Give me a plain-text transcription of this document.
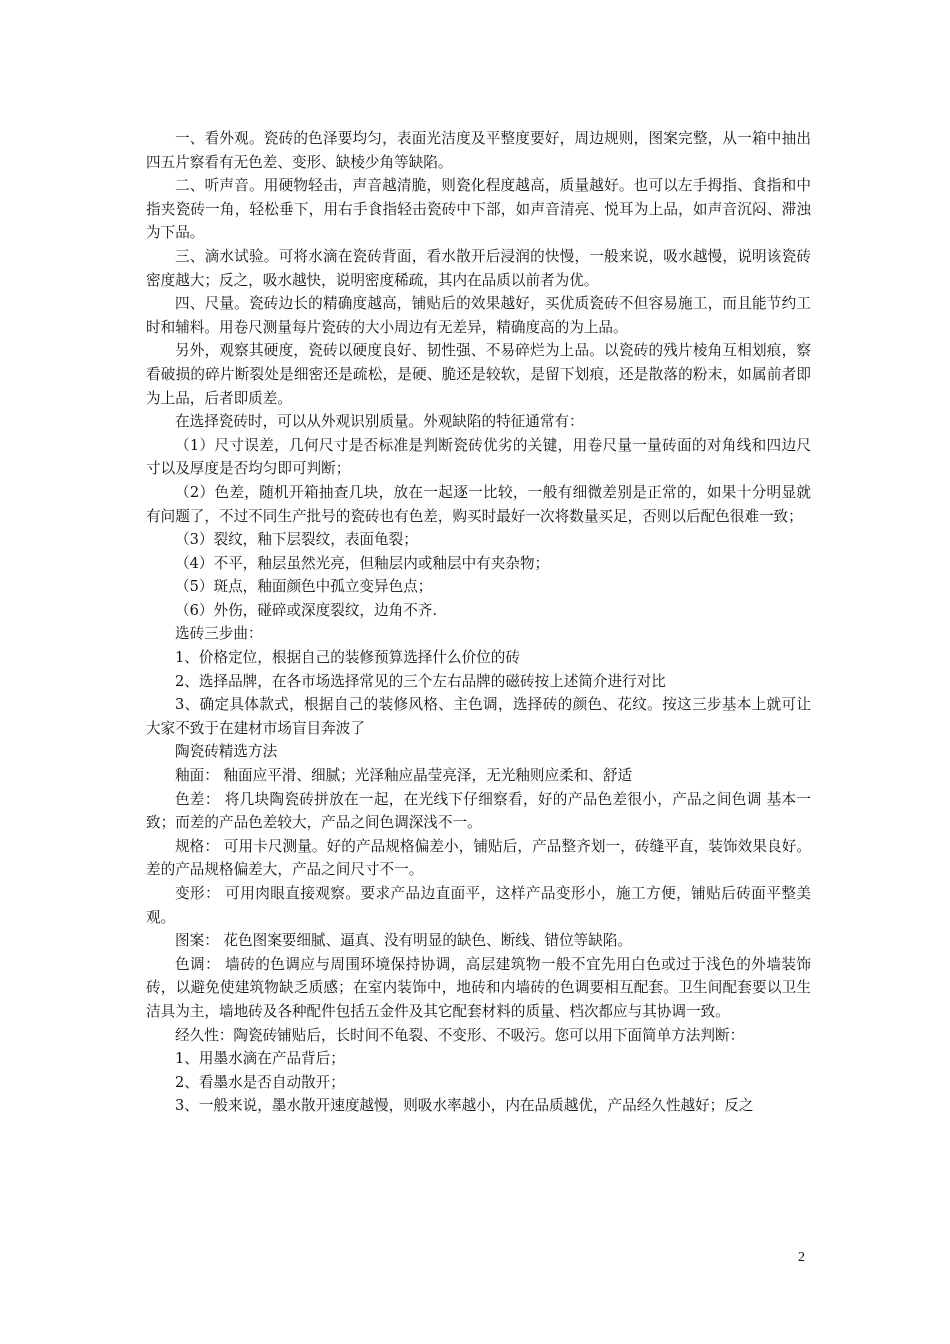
一、看外观。瓷砖的色泽要均匀，表面光洁度及平整度要好，周边规则，图案完整，从一箱中抽出四五片察看有无色差、变形、缺棱少角等缺陷。

二、听声音。用硬物轻击，声音越清脆，则瓷化程度越高，质量越好。也可以左手拇指、食指和中指夹瓷砖一角，轻松垂下，用右手食指轻击瓷砖中下部，如声音清亮、悦耳为上品，如声音沉闷、滞浊为下品。

三、滴水试验。可将水滴在瓷砖背面，看水散开后浸润的快慢，一般来说，吸水越慢，说明该瓷砖密度越大；反之，吸水越快，说明密度稀疏，其内在品质以前者为优。

四、尺量。瓷砖边长的精确度越高，铺贴后的效果越好，买优质瓷砖不但容易施工，而且能节约工时和辅料。用卷尺测量每片瓷砖的大小周边有无差异，精确度高的为上品。

另外，观察其硬度，瓷砖以硬度良好、韧性强、不易碎烂为上品。以瓷砖的残片棱角互相划痕，察看破损的碎片断裂处是细密还是疏松，是硬、脆还是较软，是留下划痕，还是散落的粉末，如属前者即为上品，后者即质差。

在选择瓷砖时，可以从外观识别质量。外观缺陷的特征通常有：

（1）尺寸误差，几何尺寸是否标准是判断瓷砖优劣的关键，用卷尺量一量砖面的对角线和四边尺寸以及厚度是否均匀即可判断；

（2）色差，随机开箱抽查几块，放在一起逐一比较，一般有细微差别是正常的，如果十分明显就有问题了，不过不同生产批号的瓷砖也有色差，购买时最好一次将数量买足，否则以后配色很难一致；

（3）裂纹，釉下层裂纹，表面龟裂；

（4）不平，釉层虽然光亮，但釉层内或釉层中有夹杂物；

（5）斑点，釉面颜色中孤立变异色点；

（6）外伤，碰碎或深度裂纹，边角不齐.

选砖三步曲：

1、价格定位，根据自己的装修预算选择什么价位的砖

2、选择品牌，在各市场选择常见的三个左右品牌的磁砖按上述简介进行对比

3、确定具体款式，根据自己的装修风格、主色调，选择砖的颜色、花纹。按这三步基本上就可让大家不致于在建材市场盲目奔波了

陶瓷砖精选方法

釉面： 釉面应平滑、细腻；光泽釉应晶莹亮泽，无光釉则应柔和、舒适

色差： 将几块陶瓷砖拼放在一起，在光线下仔细察看，好的产品色差很小，产品之间色调 基本一致；而差的产品色差较大，产品之间色调深浅不一。

规格： 可用卡尺测量。好的产品规格偏差小，铺贴后，产品整齐划一，砖缝平直，装饰效果良好。差的产品规格偏差大，产品之间尺寸不一。

变形： 可用肉眼直接观察。要求产品边直面平，这样产品变形小，施工方便，铺贴后砖面平整美观。

图案： 花色图案要细腻、逼真、没有明显的缺色、断线、错位等缺陷。

色调： 墙砖的色调应与周围环境保持协调，高层建筑物一般不宜先用白色或过于浅色的外墙装饰砖，以避免使建筑物缺乏质感；在室内装饰中，地砖和内墙砖的色调要相互配套。卫生间配套要以卫生洁具为主，墙地砖及各种配件包括五金件及其它配套材料的质量、档次都应与其协调一致。

经久性：陶瓷砖铺贴后，长时间不龟裂、不变形、不吸污。您可以用下面简单方法判断：

1、用墨水滴在产品背后；

2、看墨水是否自动散开；

3、一般来说，墨水散开速度越慢，则吸水率越小，内在品质越优，产品经久性越好；反之

2
